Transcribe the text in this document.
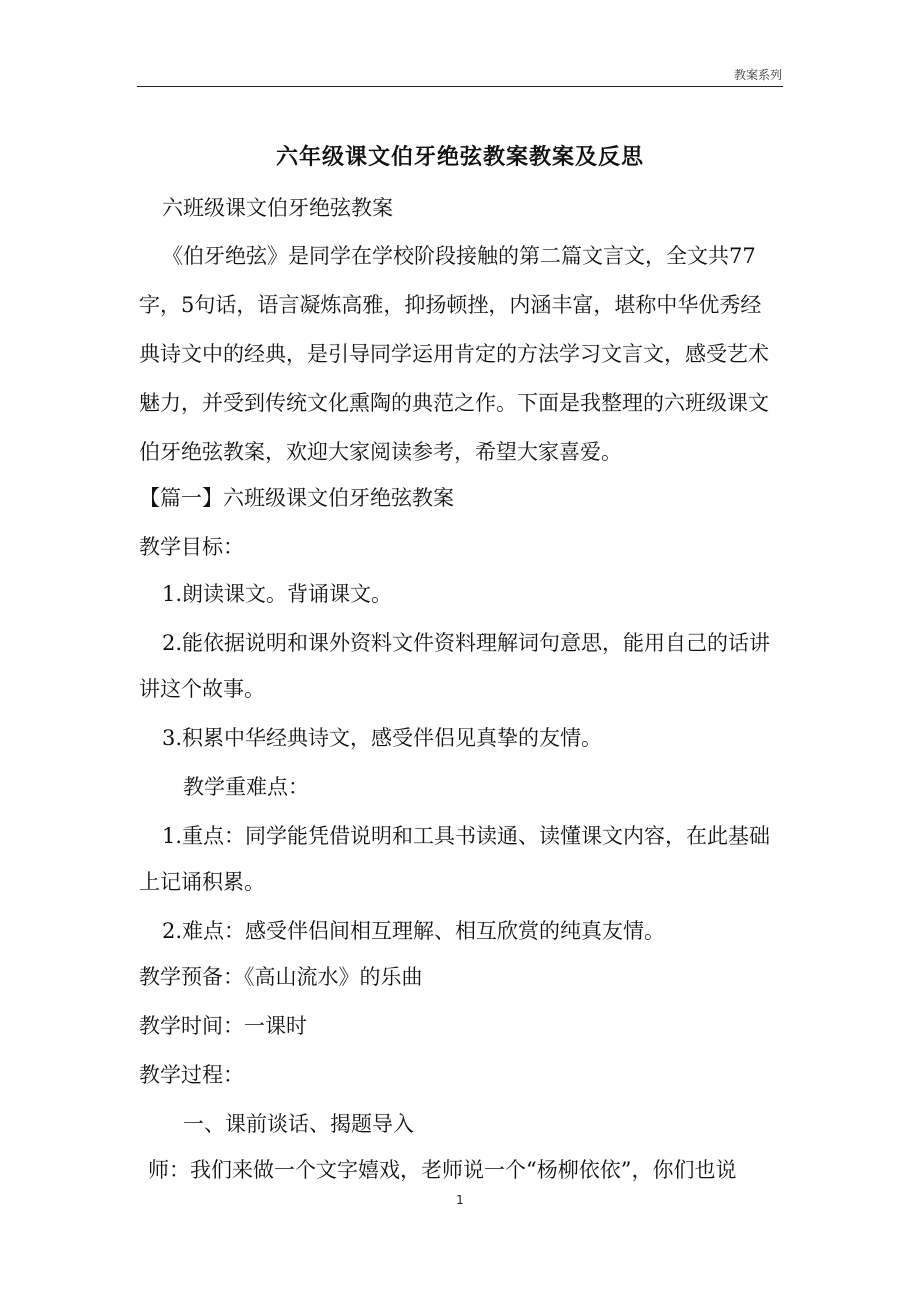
教案系列
六年级课文伯牙绝弦教案教案及反思
六班级课文伯牙绝弦教案
《伯牙绝弦》是同学在学校阶段接触的第二篇文言文，全文共77
字，5句话，语言凝炼高雅，抑扬顿挫，内涵丰富，堪称中华优秀经
典诗文中的经典，是引导同学运用肯定的方法学习文言文，感受艺术
魅力，并受到传统文化熏陶的典范之作。下面是我整理的六班级课文
伯牙绝弦教案，欢迎大家阅读参考，希望大家喜爱。
【篇一】六班级课文伯牙绝弦教案
教学目标：
1.朗读课文。背诵课文。
2.能依据说明和课外资料文件资料理解词句意思，能用自己的话讲
讲这个故事。
3.积累中华经典诗文，感受伴侣见真挚的友情。
教学重难点：
1.重点：同学能凭借说明和工具书读通、读懂课文内容，在此基础
上记诵积累。
2.难点：感受伴侣间相互理解、相互欣赏的纯真友情。
教学预备：《高山流水》的乐曲
教学时间：一课时
教学过程：
一、课前谈话、揭题导入
师：我们来做一个文字嬉戏，老师说一个“杨柳依依”，你们也说
1
